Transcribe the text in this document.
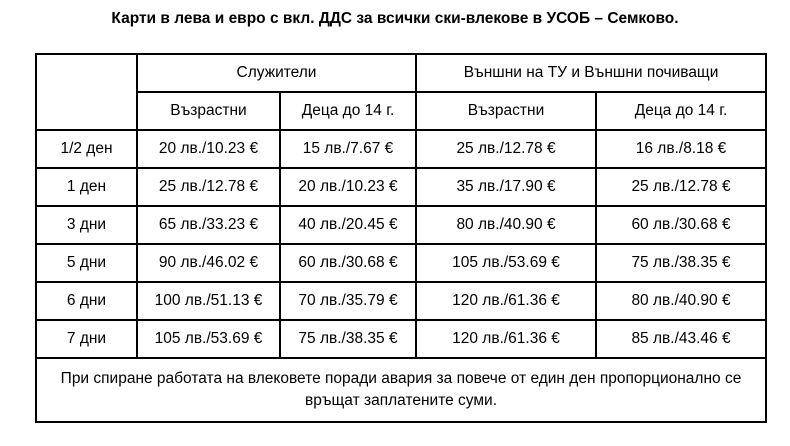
Карти в лева и евро с вкл. ДДС за всички ски-влекове в УСОБ – Семково.
	Служители		Външни на ТУ и Външни почиващи	
	Възрастни	Деца до 14 г.	Възрастни	Деца до 14 г.
1/2 ден	20 лв./10.23 €	15 лв./7.67 €	25 лв./12.78 €	16 лв./8.18 €
1 ден	25 лв./12.78 €	20 лв./10.23 €	35 лв./17.90 €	25 лв./12.78 €
3 дни	65 лв./33.23 €	40 лв./20.45 €	80 лв./40.90 €	60 лв./30.68 €
5 дни	90 лв./46.02 €	60 лв./30.68 €	105 лв./53.69 €	75 лв./38.35 €
6 дни	100 лв./51.13 €	70 лв./35.79 €	120 лв./61.36 €	80 лв./40.90 €
7 дни	105 лв./53.69 €	75 лв./38.35 €	120 лв./61.36 €	85 лв./43.46 €
При спиране работата на влековете поради авария за повече от един ден пропорционално се връщат заплатените суми.				
